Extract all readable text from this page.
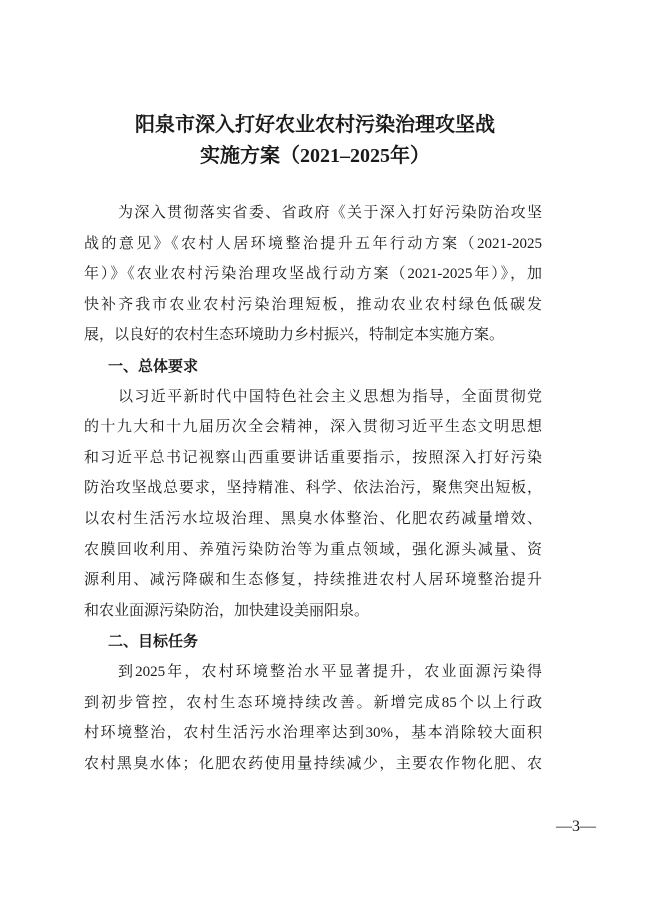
阳泉市深入打好农业农村污染治理攻坚战
实施方案（2021–2025年）
为深入贯彻落实省委、省政府《关于深入打好污染防治攻坚
战的意见》《农村人居环境整治提升五年行动方案（2021-2025
年）》《农业农村污染治理攻坚战行动方案（2021-2025年）》，加
快补齐我市农业农村污染治理短板，推动农业农村绿色低碳发
展，以良好的农村生态环境助力乡村振兴，特制定本实施方案。
一、总体要求
以习近平新时代中国特色社会主义思想为指导，全面贯彻党
的十九大和十九届历次全会精神，深入贯彻习近平生态文明思想
和习近平总书记视察山西重要讲话重要指示，按照深入打好污染
防治攻坚战总要求，坚持精准、科学、依法治污，聚焦突出短板，
以农村生活污水垃圾治理、黑臭水体整治、化肥农药减量增效、
农膜回收利用、养殖污染防治等为重点领域，强化源头减量、资
源利用、减污降碳和生态修复，持续推进农村人居环境整治提升
和农业面源污染防治，加快建设美丽阳泉。
二、目标任务
到2025年，农村环境整治水平显著提升，农业面源污染得
到初步管控，农村生态环境持续改善。新增完成85个以上行政
村环境整治，农村生活污水治理率达到30%，基本消除较大面积
农村黑臭水体；化肥农药使用量持续减少，主要农作物化肥、农
—3—
